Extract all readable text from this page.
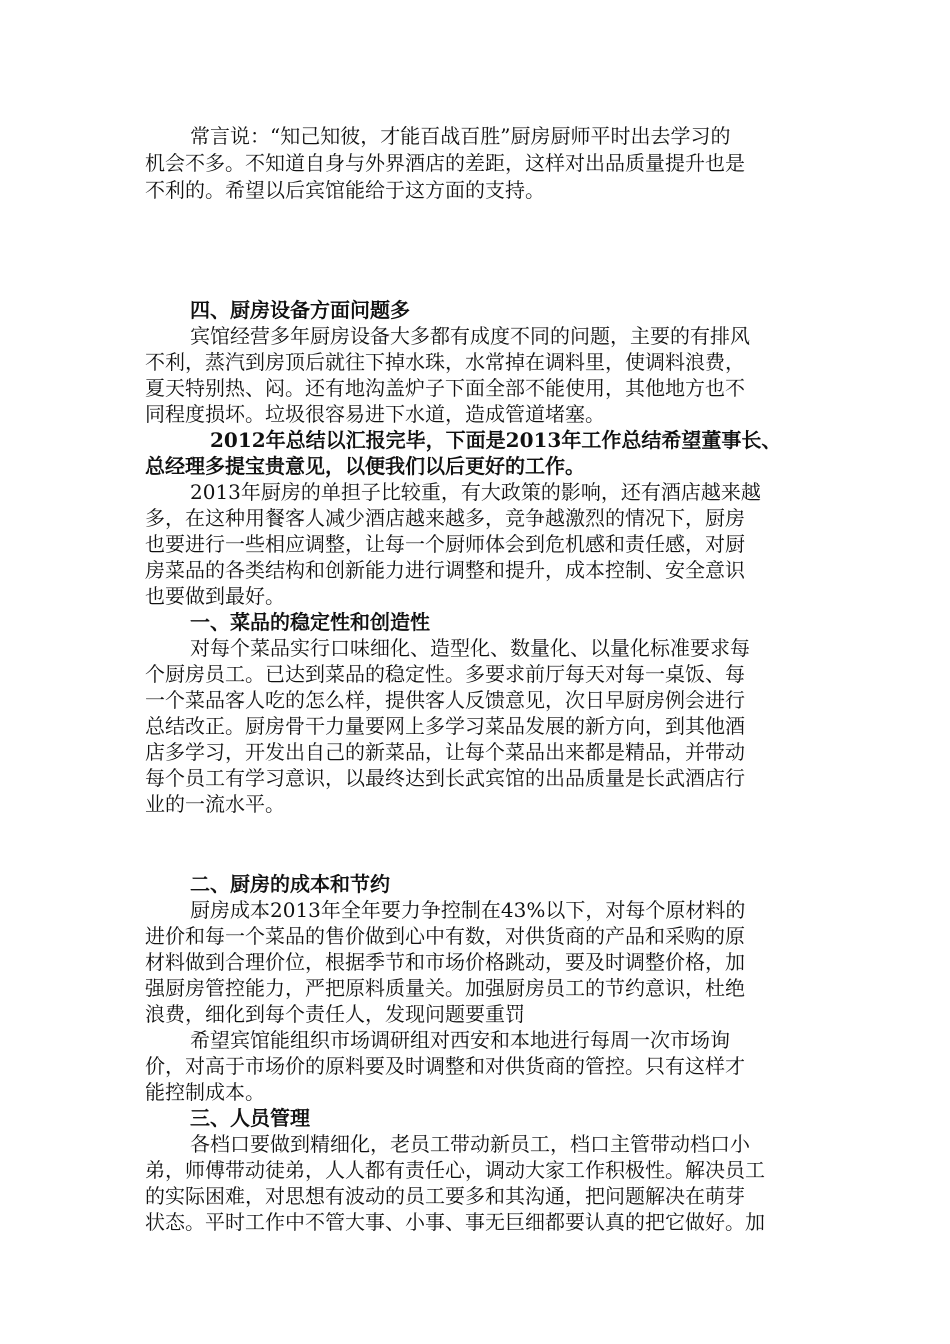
常言说：“知己知彼，才能百战百胜”厨房厨师平时出去学习的
机会不多。不知道自身与外界酒店的差距，这样对出品质量提升也是
不利的。希望以后宾馆能给于这方面的支持。
四、厨房设备方面问题多
宾馆经营多年厨房设备大多都有成度不同的问题，主要的有排风
不利，蒸汽到房顶后就往下掉水珠，水常掉在调料里，使调料浪费，
夏天特别热、闷。还有地沟盖炉子下面全部不能使用，其他地方也不
同程度损坏。垃圾很容易进下水道，造成管道堵塞。
2012年总结以汇报完毕，下面是2013年工作总结希望董事长、
总经理多提宝贵意见，以便我们以后更好的工作。
2013年厨房的单担子比较重，有大政策的影响，还有酒店越来越
多，在这种用餐客人减少酒店越来越多，竞争越激烈的情况下，厨房
也要进行一些相应调整，让每一个厨师体会到危机感和责任感，对厨
房菜品的各类结构和创新能力进行调整和提升，成本控制、安全意识
也要做到最好。
一、菜品的稳定性和创造性
对每个菜品实行口味细化、造型化、数量化、以量化标准要求每
个厨房员工。已达到菜品的稳定性。多要求前厅每天对每一桌饭、每
一个菜品客人吃的怎么样，提供客人反馈意见，次日早厨房例会进行
总结改正。厨房骨干力量要网上多学习菜品发展的新方向，到其他酒
店多学习，开发出自己的新菜品，让每个菜品出来都是精品，并带动
每个员工有学习意识，以最终达到长武宾馆的出品质量是长武酒店行
业的一流水平。
二、厨房的成本和节约
厨房成本2013年全年要力争控制在43%以下，对每个原材料的
进价和每一个菜品的售价做到心中有数，对供货商的产品和采购的原
材料做到合理价位，根据季节和市场价格跳动，要及时调整价格，加
强厨房管控能力，严把原料质量关。加强厨房员工的节约意识，杜绝
浪费，细化到每个责任人，发现问题要重罚
希望宾馆能组织市场调研组对西安和本地进行每周一次市场询
价，对高于市场价的原料要及时调整和对供货商的管控。只有这样才
能控制成本。
三、人员管理
各档口要做到精细化，老员工带动新员工，档口主管带动档口小
弟，师傅带动徒弟，人人都有责任心，调动大家工作积极性。解决员工
的实际困难，对思想有波动的员工要多和其沟通，把问题解决在萌芽
状态。平时工作中不管大事、小事、事无巨细都要认真的把它做好。加
